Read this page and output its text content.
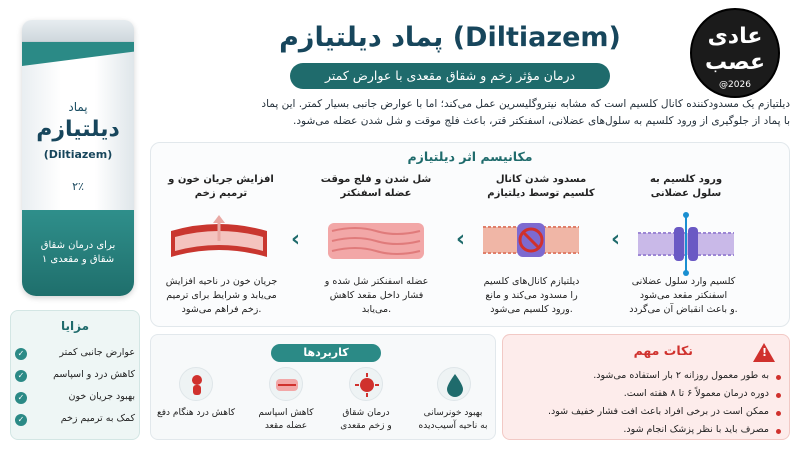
پماد
دیلتیازم
(Diltiazem)
۲٪
برای درمان شقاق
شقاق و مقعدی ۱
عادی
عصب
@2026
پماد دیلتیازم (Diltiazem)
درمان مؤثر زخم و شقاق مقعدی با عوارض کمتر
دیلتیازم یک مسدودکننده کانال کلسیم است که مشابه نیتروگلیسرین عمل می‌کند؛ اما با عوارض جانبی بسیار کمتر. این پماد
با پماد از جلوگیری از ورود کلسیم به سلول‌های عضلانی، اسفنکتر قتر، باعث فلج موقت و شل شدن عضله می‌شود.
افزایش جریان خون و
ترمیم زخم
شل شدن و فلج موقت
عضله اسفنکتر
مسدود شدن کانال
کلسیم توسط دیلتیازم
ورود کلسیم به
سلول عضلانی
‹	‹	‹
جریان خون در ناحیه افزایش
می‌یابد و شرایط برای ترمیم
زخم فراهم می‌شود.
عضله اسفنکتر شل شده و
فشار داخل مقعد کاهش
می‌یابد.
دیلتیازم کانال‌های کلسیم
را مسدود می‌کند و مانع
ورود کلسیم می‌شود.
کلسیم وارد سلول عضلانی
اسفنکتر مقعد می‌شود
و باعث انقباض آن می‌گردد.
مکانیسم اثر دیلتیازم
مزایا
✓	عوارض جانبی کمتر
✓	کاهش درد و اسپاسم
✓	بهبود جریان خون
✓	کمک به ترمیم زخم
کاربردها
کاهش درد هنگام دفع	کاهش اسپاسم
عضله مقعد
درمان شقاق
و زخم مقعدی
بهبود خونرسانی
به ناحیه آسیب‌دیده
!
نکات مهم
به طور معمول روزانه ۲ بار استفاده می‌شود.
دوره درمان معمولاً ۶ تا ۸ هفته است.
ممکن است در برخی افراد باعث افت فشار خفیف شود.
مصرف باید با نظر پزشک انجام شود.
